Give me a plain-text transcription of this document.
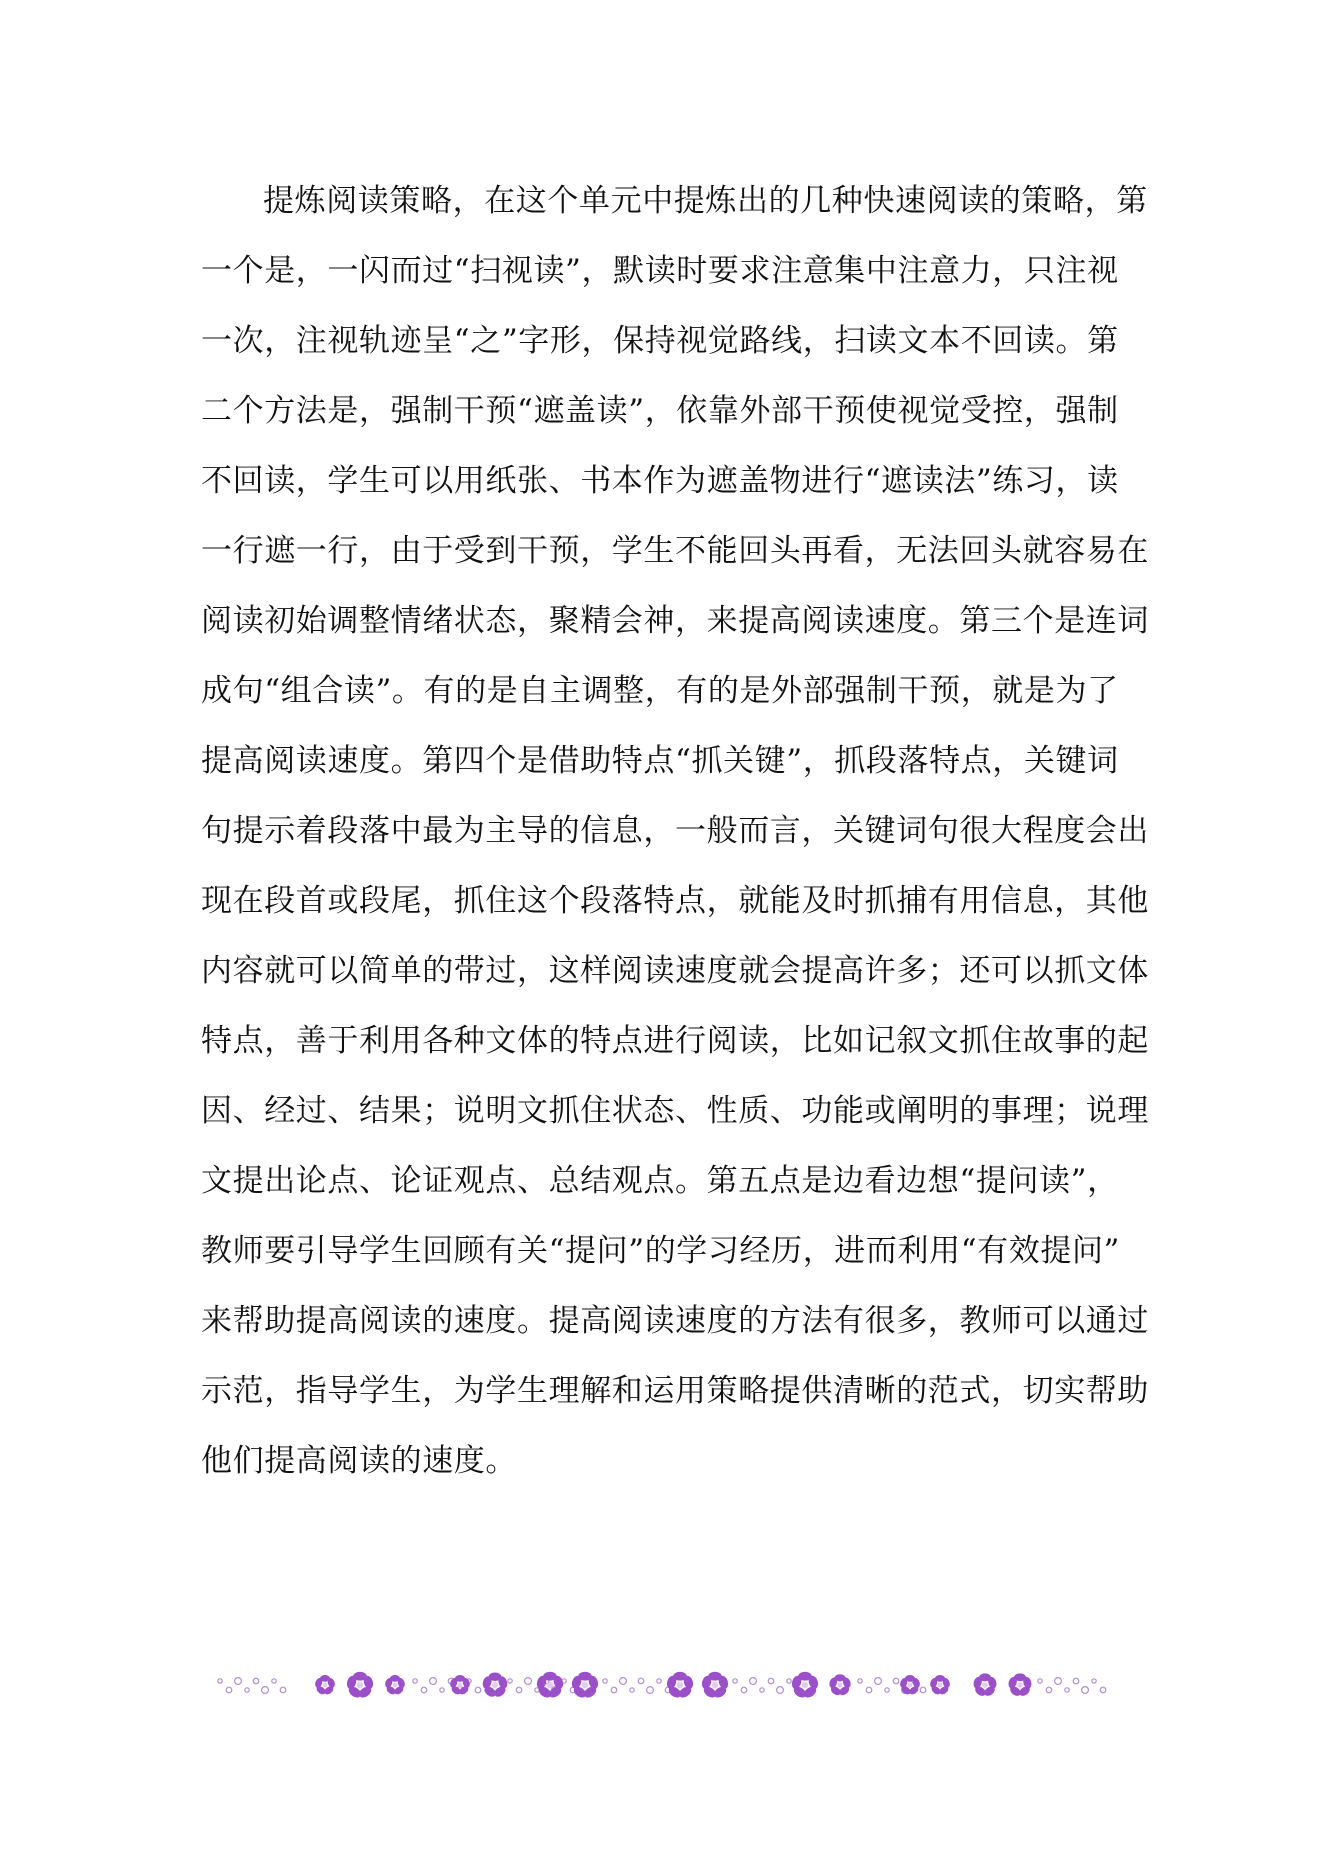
提炼阅读策略，在这个单元中提炼出的几种快速阅读的策略，第
一个是，一闪而过“扫视读”，默读时要求注意集中注意力，只注视
一次，注视轨迹呈“之”字形，保持视觉路线，扫读文本不回读。第
二个方法是，强制干预“遮盖读”，依靠外部干预使视觉受控，强制
不回读，学生可以用纸张、书本作为遮盖物进行“遮读法”练习，读
一行遮一行，由于受到干预，学生不能回头再看，无法回头就容易在
阅读初始调整情绪状态，聚精会神，来提高阅读速度。第三个是连词
成句“组合读”。有的是自主调整，有的是外部强制干预，就是为了
提高阅读速度。第四个是借助特点“抓关键”，抓段落特点，关键词
句提示着段落中最为主导的信息，一般而言，关键词句很大程度会出
现在段首或段尾，抓住这个段落特点，就能及时抓捕有用信息，其他
内容就可以简单的带过，这样阅读速度就会提高许多；还可以抓文体
特点，善于利用各种文体的特点进行阅读，比如记叙文抓住故事的起
因、经过、结果；说明文抓住状态、性质、功能或阐明的事理；说理
文提出论点、论证观点、总结观点。第五点是边看边想“提问读”，
教师要引导学生回顾有关“提问”的学习经历，进而利用“有效提问”
来帮助提高阅读的速度。提高阅读速度的方法有很多，教师可以通过
示范，指导学生，为学生理解和运用策略提供清晰的范式，切实帮助
他们提高阅读的速度。
